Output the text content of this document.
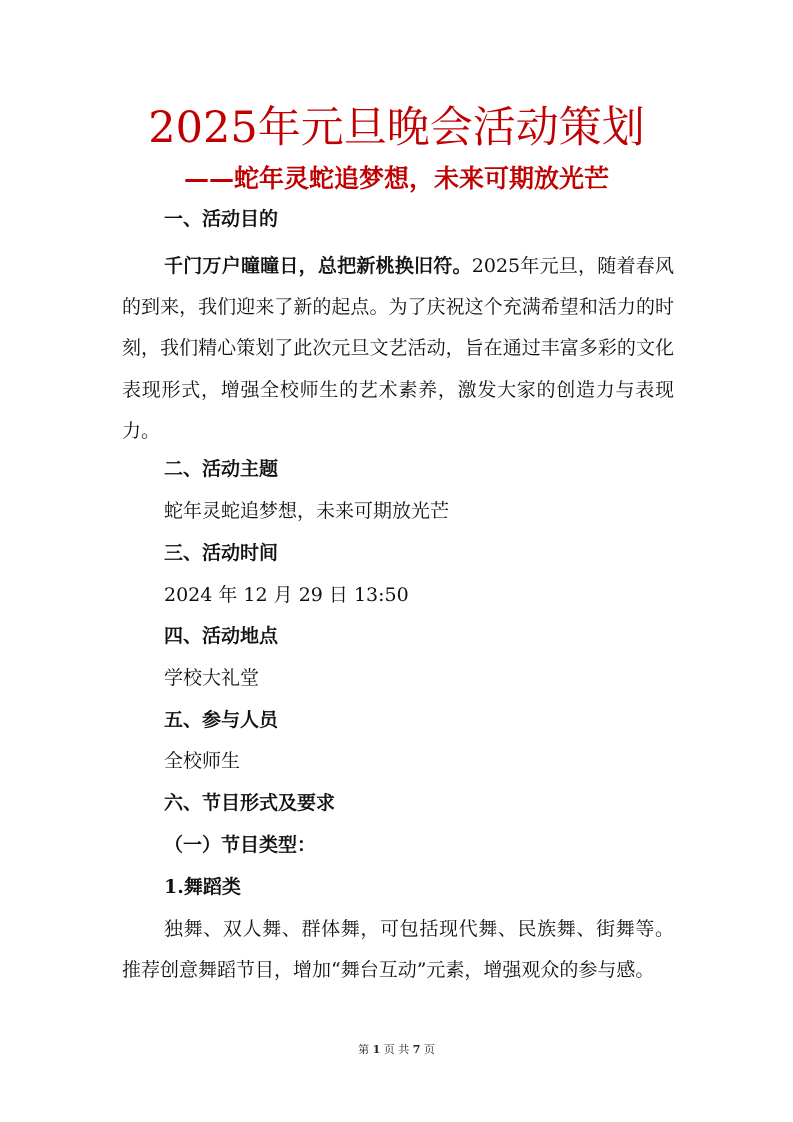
2025年元旦晚会活动策划
——蛇年灵蛇追梦想，未来可期放光芒
一、活动目的
千门万户曈曈日，总把新桃换旧符。2025年元旦，随着春风的到来，我们迎来了新的起点。为了庆祝这个充满希望和活力的时刻，我们精心策划了此次元旦文艺活动，旨在通过丰富多彩的文化表现形式，增强全校师生的艺术素养，激发大家的创造力与表现力。
二、活动主题
蛇年灵蛇追梦想，未来可期放光芒
三、活动时间
2024 年 12 月 29 日 13:50
四、活动地点
学校大礼堂
五、参与人员
全校师生
六、节目形式及要求
（一）节目类型：
1.舞蹈类
独舞、双人舞、群体舞，可包括现代舞、民族舞、街舞等。推荐创意舞蹈节目，增加“舞台互动”元素，增强观众的参与感。
第 1 页 共 7 页
